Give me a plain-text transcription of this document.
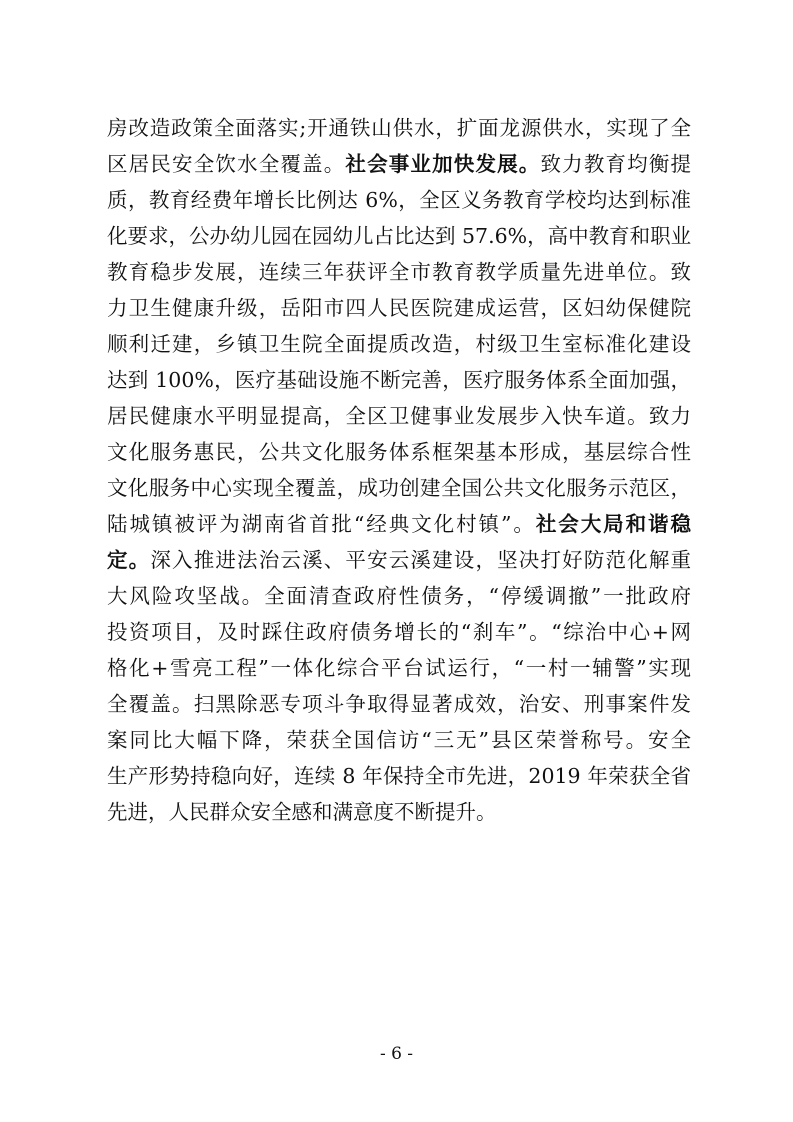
房改造政策全面落实;开通铁山供水，扩面龙源供水，实现了全
区居民安全饮水全覆盖。社会事业加快发展。致力教育均衡提
质，教育经费年增长比例达 6%，全区义务教育学校均达到标准
化要求，公办幼儿园在园幼儿占比达到 57.6%，高中教育和职业
教育稳步发展，连续三年获评全市教育教学质量先进单位。致
力卫生健康升级，岳阳市四人民医院建成运营，区妇幼保健院
顺利迁建，乡镇卫生院全面提质改造，村级卫生室标准化建设
达到 100%，医疗基础设施不断完善，医疗服务体系全面加强，
居民健康水平明显提高，全区卫健事业发展步入快车道。致力
文化服务惠民，公共文化服务体系框架基本形成，基层综合性
文化服务中心实现全覆盖，成功创建全国公共文化服务示范区，
陆城镇被评为湖南省首批“经典文化村镇”。社会大局和谐稳
定。深入推进法治云溪、平安云溪建设，坚决打好防范化解重
大风险攻坚战。全面清查政府性债务，“停缓调撤”一批政府
投资项目，及时踩住政府债务增长的“刹车”。“综治中心+网
格化+雪亮工程”一体化综合平台试运行，“一村一辅警”实现
全覆盖。扫黑除恶专项斗争取得显著成效，治安、刑事案件发
案同比大幅下降，荣获全国信访“三无”县区荣誉称号。安全
生产形势持稳向好，连续 8 年保持全市先进，2019 年荣获全省
先进，人民群众安全感和满意度不断提升。
- 6 -
